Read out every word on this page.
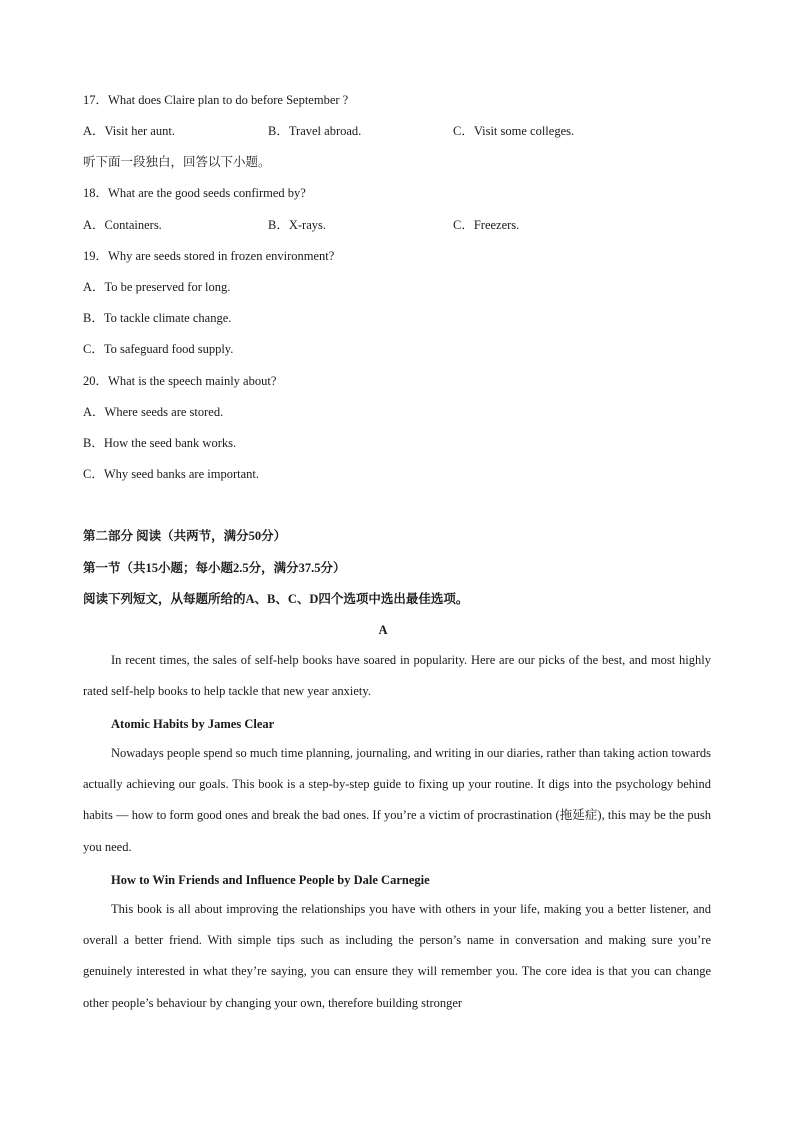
17．What does Claire plan to do before September ?
A．Visit her aunt.	B．Travel abroad.	C．Visit some colleges.
听下面一段独白，回答以下小题。
18．What are the good seeds confirmed by?
A．Containers.	B．X-rays.	C．Freezers.
19．Why are seeds stored in frozen environment?
A．To be preserved for long.
B．To tackle climate change.
C．To safeguard food supply.
20．What is the speech mainly about?
A．Where seeds are stored.
B．How the seed bank works.
C．Why seed banks are important.
第二部分 阅读（共两节，满分50分）
第一节（共15小题；每小题2.5分，满分37.5分）
阅读下列短文，从每题所给的A、B、C、D四个选项中选出最佳选项。
A
In recent times, the sales of self-help books have soared in popularity. Here are our picks of the best, and most highly rated self-help books to help tackle that new year anxiety.
Atomic Habits by James Clear
Nowadays people spend so much time planning, journaling, and writing in our diaries, rather than taking action towards actually achieving our goals. This book is a step-by-step guide to fixing up your routine. It digs into the psychology behind habits — how to form good ones and break the bad ones. If you’re a victim of procrastination (拖延症), this may be the push you need.
How to Win Friends and Influence People by Dale Carnegie
This book is all about improving the relationships you have with others in your life, making you a better listener, and overall a better friend. With simple tips such as including the person’s name in conversation and making sure you’re genuinely interested in what they’re saying, you can ensure they will remember you. The core idea is that you can change other people’s behaviour by changing your own, therefore building stronger
